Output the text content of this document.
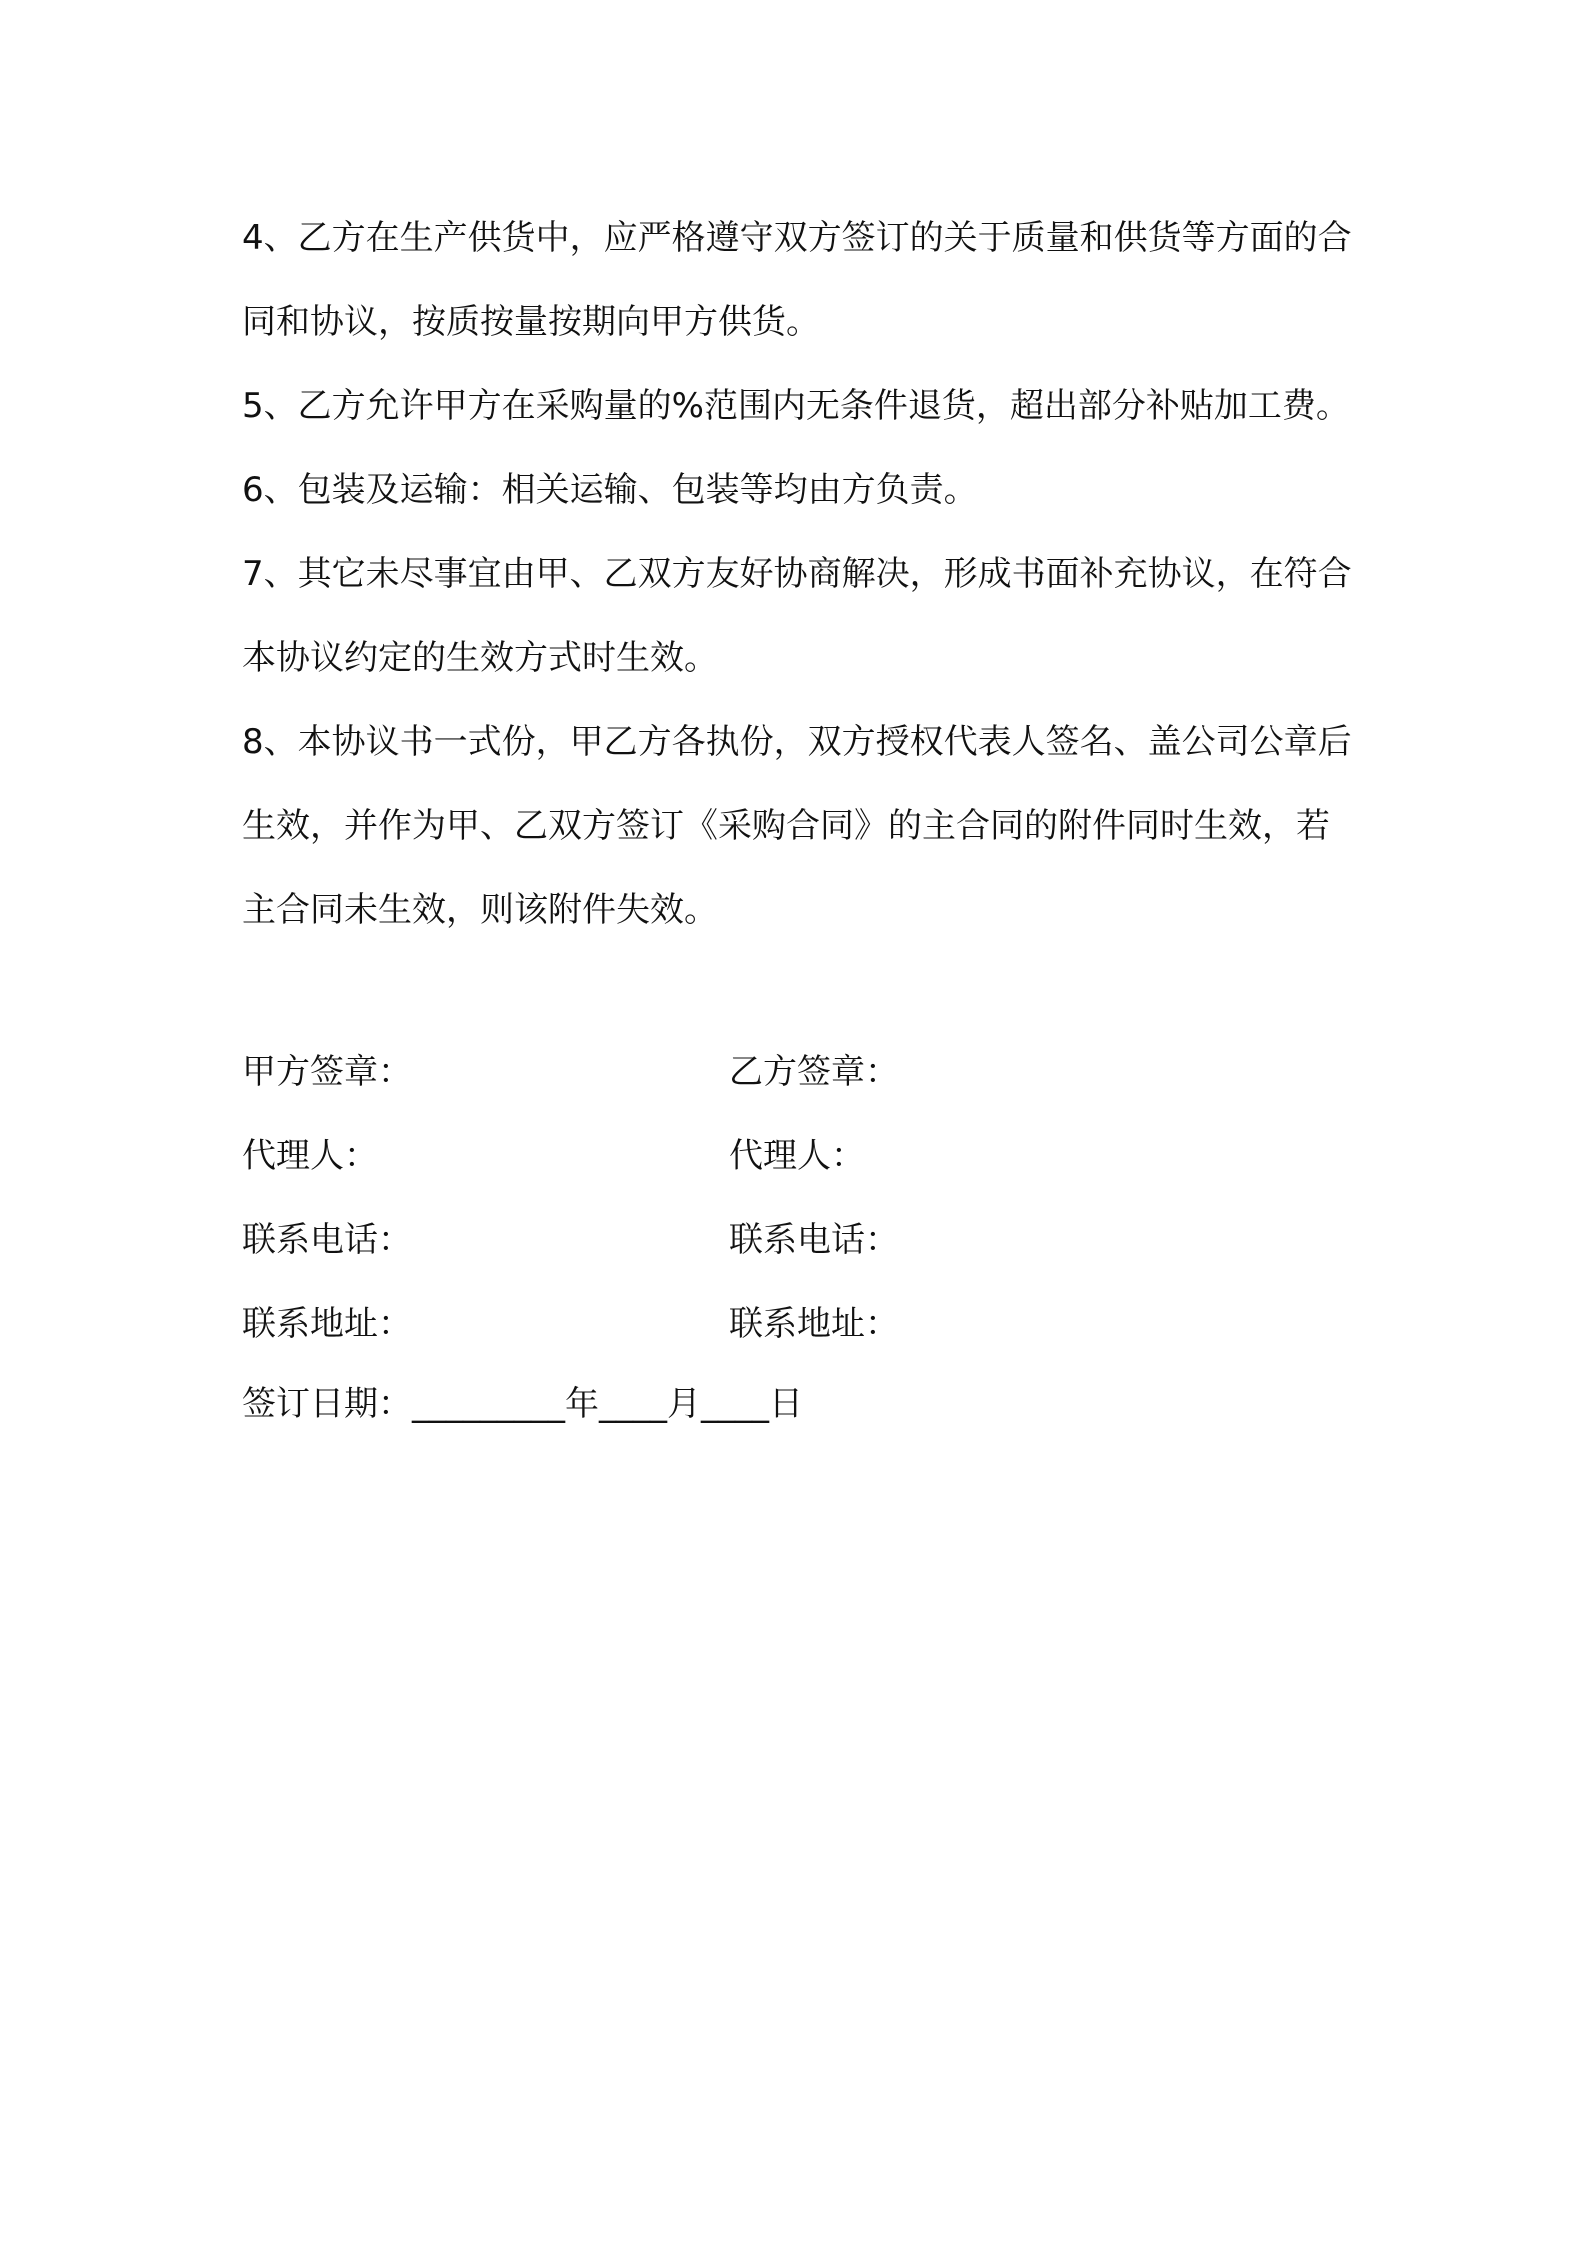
4、乙方在生产供货中，应严格遵守双方签订的关于质量和供货等方面的合同和协议，按质按量按期向甲方供货。
5、乙方允许甲方在采购量的%范围内无条件退货，超出部分补贴加工费。
6、包装及运输：相关运输、包装等均由方负责。
7、其它未尽事宜由甲、乙双方友好协商解决，形成书面补充协议，在符合本协议约定的生效方式时生效。
8、本协议书一式份，甲乙方各执份，双方授权代表人签名、盖公司公章后生效，并作为甲、乙双方签订《采购合同》的主合同的附件同时生效，若主合同未生效，则该附件失效。
甲方签章：	乙方签章：
代理人：	代理人：
联系电话：	联系电话：
联系地址：	联系地址：
签订日期：_________年____月____日
